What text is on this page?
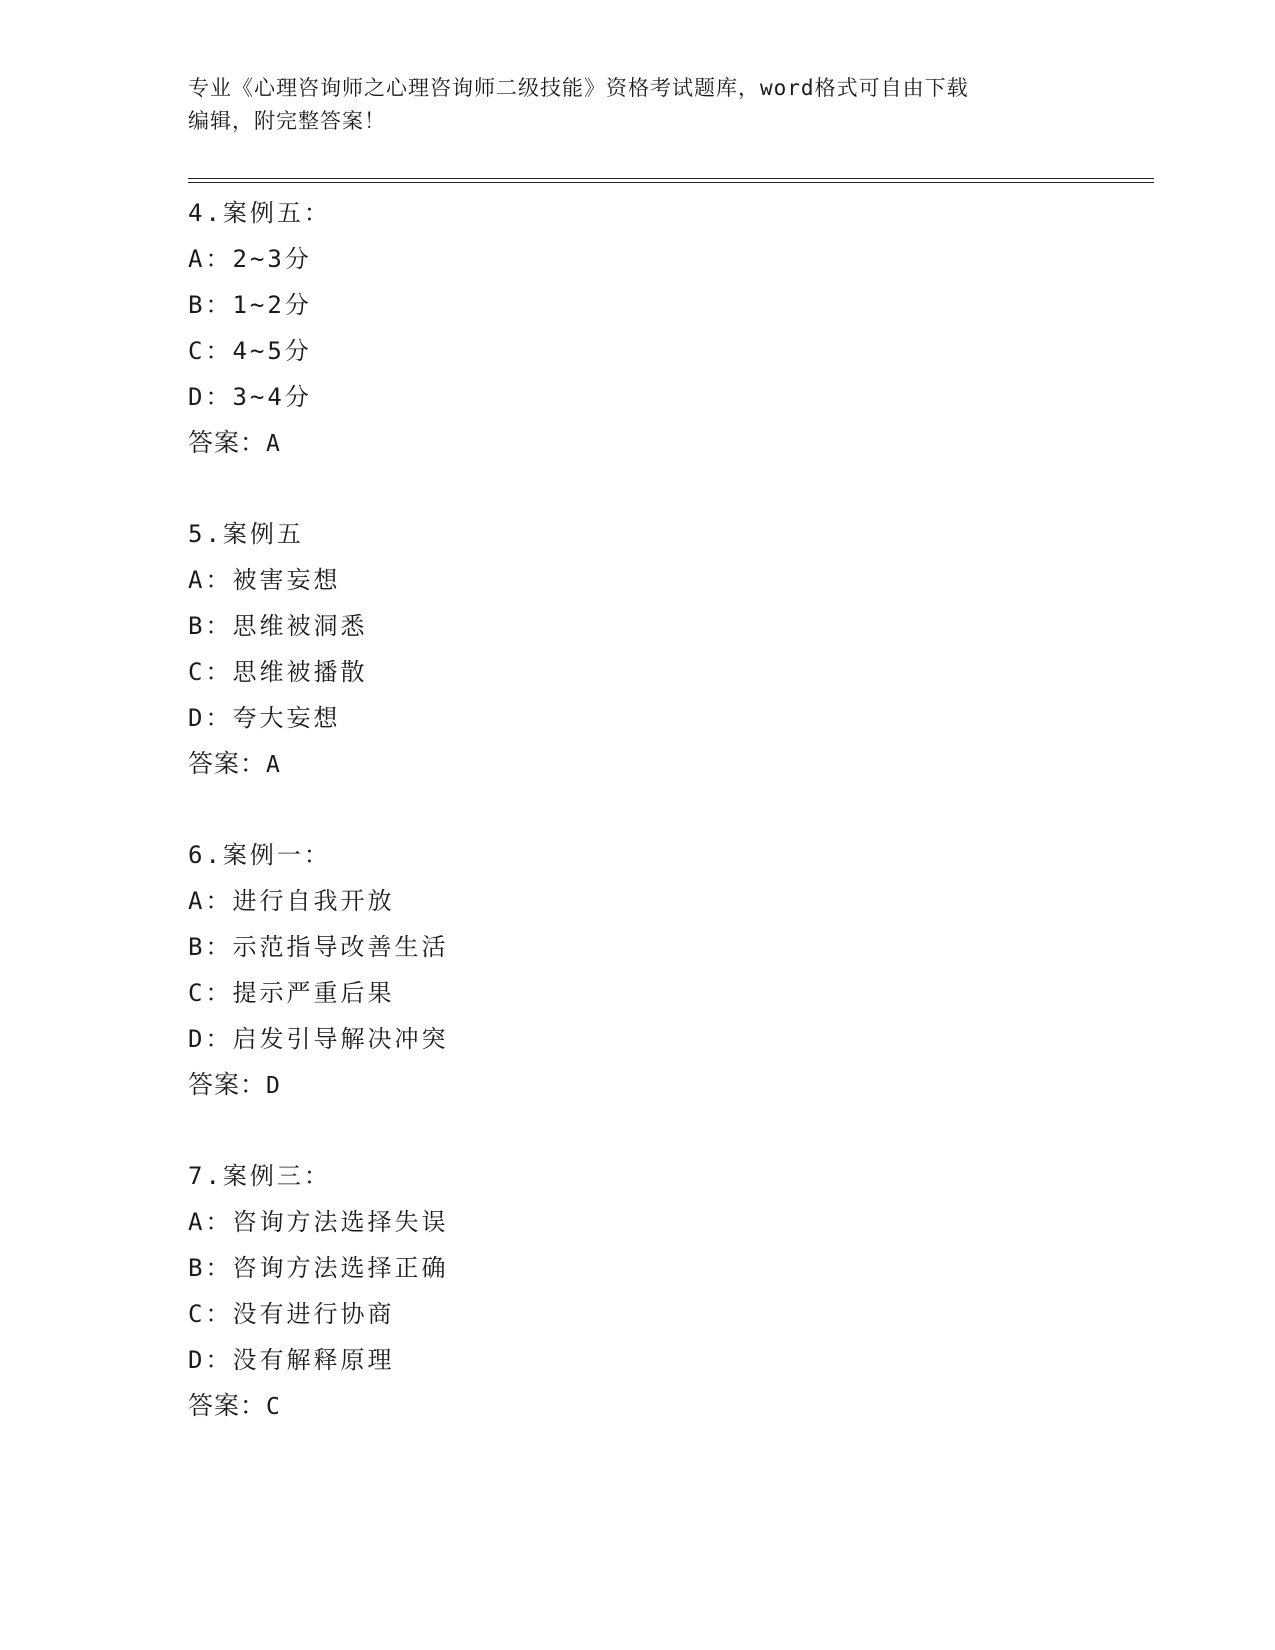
专业《心理咨询师之心理咨询师二级技能》资格考试题库，word格式可自由下载
编辑，附完整答案！
4.案例五：
A：2~3分
B：1~2分
C：4~5分
D：3~4分
答案：A
5.案例五
A：被害妄想
B：思维被洞悉
C：思维被播散
D：夸大妄想
答案：A
6.案例一：
A：进行自我开放
B：示范指导改善生活
C：提示严重后果
D：启发引导解决冲突
答案：D
7.案例三：
A：咨询方法选择失误
B：咨询方法选择正确
C：没有进行协商
D：没有解释原理
答案：C
